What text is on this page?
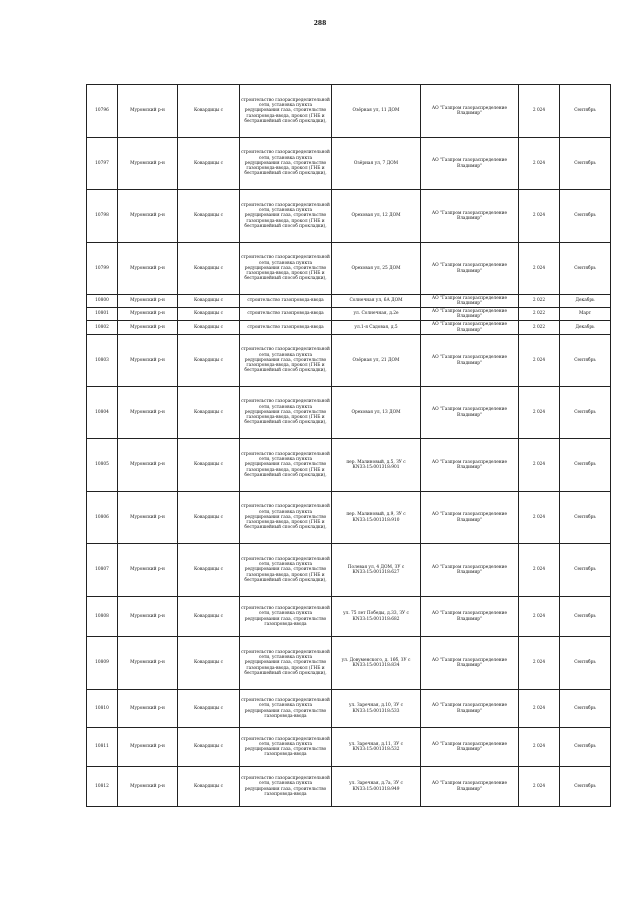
288
10796	Муромский р-н	Ковардицы с	строительство газораспределительной сети, установка пункта редуцирования газа, строительство газопровода-ввода, прокол (ГНБ и бестраншейный способ прокладки),	Озёрная ул, 11 ДОМ	АО "Газпром газораспределение Владимир"	2 024	Сентябрь
10797	Муромский р-н	Ковардицы с	строительство газораспределительной сети, установка пункта редуцирования газа, строительство газопровода-ввода, прокол (ГНБ и бестраншейный способ прокладки),	Озёрная ул, 7 ДОМ	АО "Газпром газораспределение Владимир"	2 024	Сентябрь
10798	Муромский р-н	Ковардицы с	строительство газораспределительной сети, установка пункта редуцирования газа, строительство газопровода-ввода, прокол (ГНБ и бестраншейный способ прокладки),	Ореховая ул, 12 ДОМ	АО "Газпром газораспределение Владимир"	2 024	Сентябрь
10799	Муромский р-н	Ковардицы с	строительство газораспределительной сети, установка пункта редуцирования газа, строительство газопровода-ввода, прокол (ГНБ и бестраншейный способ прокладки),	Ореховая ул, 25 ДОМ	АО "Газпром газораспределение Владимир"	2 024	Сентябрь
10800	Муромский р-н	Ковардицы с	строительство газопровода-ввода	Солнечная ул, 6А ДОМ	АО "Газпром газораспределение Владимир"	2 022	Декабрь
10801	Муромский р-н	Ковардицы с	строительство газопровода-ввода	ул. Солнечная, д.2е	АО "Газпром газораспределение Владимир"	2 022	Март
10802	Муромский р-н	Ковардицы с	строительство газопровода-ввода	ул.1-я Садовая, д.5	АО "Газпром газораспределение Владимир"	2 022	Декабрь
10803	Муромский р-н	Ковардицы с	строительство газораспределительной сети, установка пункта редуцирования газа, строительство газопровода-ввода, прокол (ГНБ и бестраншейный способ прокладки),	Озёрная ул, 21 ДОМ	АО "Газпром газораспределение Владимир"	2 024	Сентябрь
10804	Муромский р-н	Ковардицы с	строительство газораспределительной сети, установка пункта редуцирования газа, строительство газопровода-ввода, прокол (ГНБ и бестраншейный способ прокладки),	Ореховая ул, 13 ДОМ	АО "Газпром газораспределение Владимир"	2 024	Сентябрь
10805	Муромский р-н	Ковардицы с	строительство газораспределительной сети, установка пункта редуцирования газа, строительство газопровода-ввода, прокол (ГНБ и бестраншейный способ прокладки),	пер. Малиновый, д.5, ЗУ с КN33:15:001318:901	АО "Газпром газораспределение Владимир"	2 024	Сентябрь
10806	Муромский р-н	Ковардицы с	строительство газораспределительной сети, установка пункта редуцирования газа, строительство газопровода-ввода, прокол (ГНБ и бестраншейный способ прокладки),	пер. Малиновый, д.9, ЗУ с КN33:15:001318:910	АО "Газпром газораспределение Владимир"	2 024	Сентябрь
10807	Муромский р-н	Ковардицы с	строительство газораспределительной сети, установка пункта редуцирования газа, строительство газопровода-ввода, прокол (ГНБ и бестраншейный способ прокладки),	Полевая ул, 4 ДОМ, ЗУ с КN33:15:001318:627	АО "Газпром газораспределение Владимир"	2 024	Сентябрь
10808	Муромский р-н	Ковардицы с	строительство газораспределительной сети, установка пункта редуцирования газа, строительство газопровода-ввода	ул. 75 лет Победы, д.33, ЗУ с КN33:15:001318:682	АО "Газпром газораспределение Владимир"	2 024	Сентябрь
10809	Муромский р-н	Ковардицы с	строительство газораспределительной сети, установка пункта редуцирования газа, строительство газопровода-ввода, прокол (ГНБ и бестраншейный способ прокладки),	ул. Довуменского, д. 16б, ЗУ с КN33:15:001318:834	АО "Газпром газораспределение Владимир"	2 024	Сентябрь
10810	Муромский р-н	Ковардицы с	строительство газораспределительной сети, установка пункта редуцирования газа, строительство газопровода-ввода	ул. Заречная, д.10, ЗУ с КN33:15:001318:533	АО "Газпром газораспределение Владимир"	2 024	Сентябрь
10811	Муромский р-н	Ковардицы с	строительство газораспределительной сети, установка пункта редуцирования газа, строительство газопровода-ввода	ул. Заречная, д.11, ЗУ с КN33:15:001318:532	АО "Газпром газораспределение Владимир"	2 024	Сентябрь
10812	Муромский р-н	Ковардицы с	строительство газораспределительной сети, установка пункта редуцирования газа, строительство газопровода-ввода	ул. Заречная, д.7а, ЗУ с КN33:15:001318:949	АО "Газпром газораспределение Владимир"	2 024	Сентябрь
